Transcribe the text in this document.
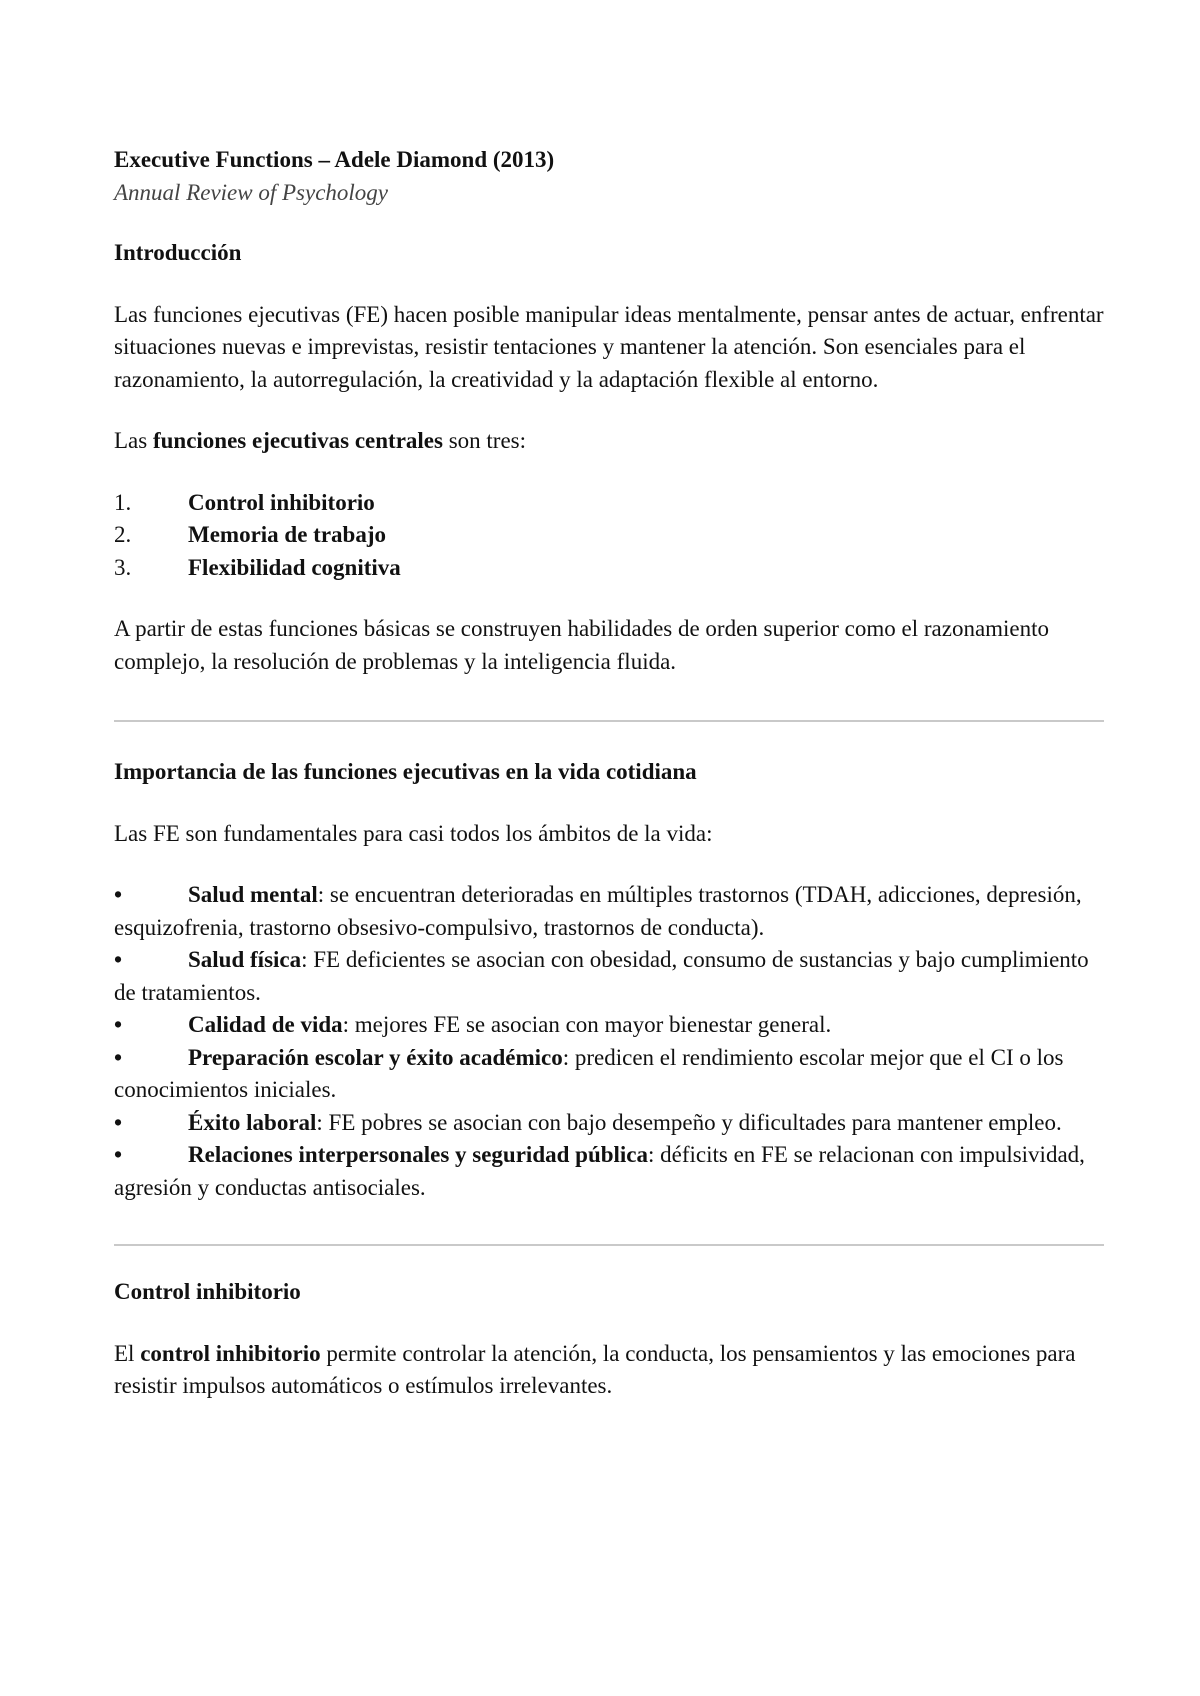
Executive Functions – Adele Diamond (2013)

Annual Review of Psychology

Introducción

Las funciones ejecutivas (FE) hacen posible manipular ideas mentalmente, pensar antes de actuar, enfrentar situaciones nuevas e imprevistas, resistir tentaciones y mantener la atención. Son esenciales para el razonamiento, la autorregulación, la creatividad y la adaptación flexible al entorno.

Las funciones ejecutivas centrales son tres:

1.	Control inhibitorio
2.	Memoria de trabajo
3.	Flexibilidad cognitiva

A partir de estas funciones básicas se construyen habilidades de orden superior como el razonamiento complejo, la resolución de problemas y la inteligencia fluida.

Importancia de las funciones ejecutivas en la vida cotidiana

Las FE son fundamentales para casi todos los ámbitos de la vida:

•	Salud mental: se encuentran deterioradas en múltiples trastornos (TDAH, adicciones, depresión, esquizofrenia, trastorno obsesivo-compulsivo, trastornos de conducta).

•	Salud física: FE deficientes se asocian con obesidad, consumo de sustancias y bajo cumplimiento de tratamientos.

•	Calidad de vida: mejores FE se asocian con mayor bienestar general.

•	Preparación escolar y éxito académico: predicen el rendimiento escolar mejor que el CI o los conocimientos iniciales.

•	Éxito laboral: FE pobres se asocian con bajo desempeño y dificultades para mantener empleo.

•	Relaciones interpersonales y seguridad pública: déficits en FE se relacionan con impulsividad, agresión y conductas antisociales.

Control inhibitorio

El control inhibitorio permite controlar la atención, la conducta, los pensamientos y las emociones para resistir impulsos automáticos o estímulos irrelevantes.
